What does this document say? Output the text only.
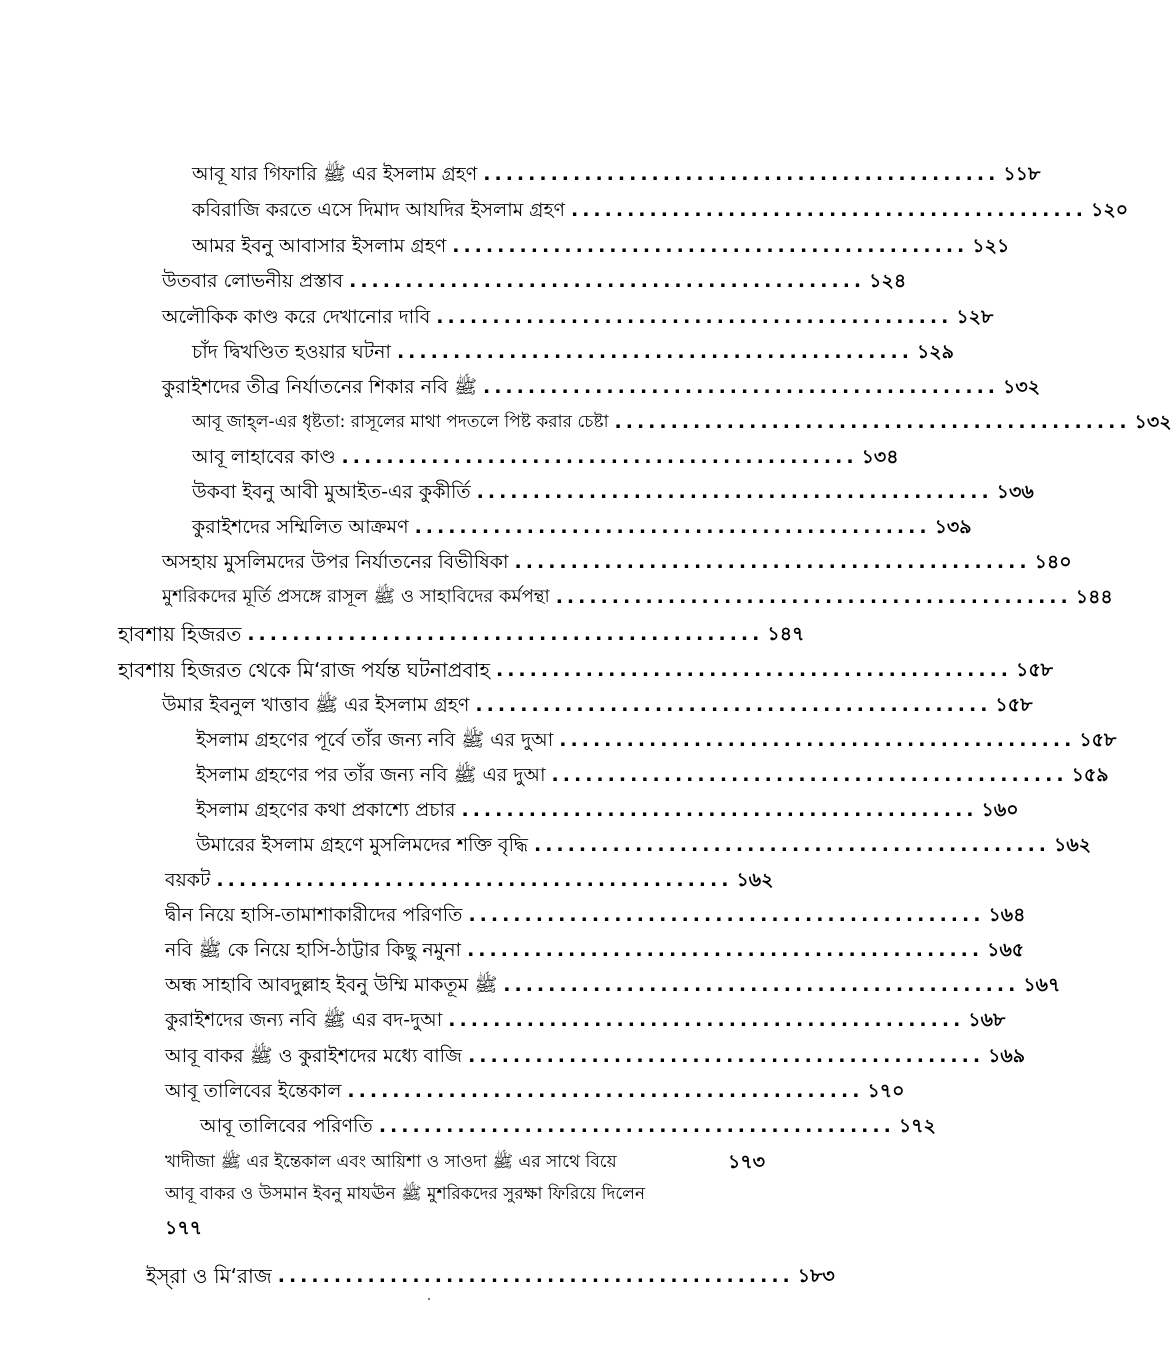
আবূ যার গিফারি ﷺ এর ইসলাম গ্রহণ .............................................. ১১৮
কবিরাজি করতে এসে দিমাদ আযদির ইসলাম গ্রহণ .............................................. ১২০
আমর ইবনু আবাসার ইসলাম গ্রহণ .............................................. ১২১
উতবার লোভনীয় প্রস্তাব .............................................. ১২৪
অলৌকিক কাণ্ড করে দেখানোর দাবি .............................................. ১২৮
চাঁদ দ্বিখণ্ডিত হওয়ার ঘটনা .............................................. ১২৯
কুরাইশদের তীব্র নির্যাতনের শিকার নবি ﷺ .............................................. ১৩২
আবূ জাহ্‌ল-এর ধৃষ্টতা: রাসূলের মাথা পদতলে পিষ্ট করার চেষ্টা .............................................. ১৩২
আবূ লাহাবের কাণ্ড .............................................. ১৩৪
উকবা ইবনু আবী মুআইত-এর কুকীর্তি .............................................. ১৩৬
কুরাইশদের সম্মিলিত আক্রমণ .............................................. ১৩৯
অসহায় মুসলিমদের উপর নির্যাতনের বিভীষিকা .............................................. ১৪০
মুশরিকদের মূর্তি প্রসঙ্গে রাসূল ﷺ ও সাহাবিদের কর্মপন্থা .............................................. ১৪৪
হাবশায় হিজরত .............................................. ১৪৭
হাবশায় হিজরত থেকে মি‘রাজ পর্যন্ত ঘটনাপ্রবাহ .............................................. ১৫৮
উমার ইবনুল খাত্তাব ﷺ এর ইসলাম গ্রহণ .............................................. ১৫৮
ইসলাম গ্রহণের পূর্বে তাঁর জন্য নবি ﷺ এর দুআ .............................................. ১৫৮
ইসলাম গ্রহণের পর তাঁর জন্য নবি ﷺ এর দুআ .............................................. ১৫৯
ইসলাম গ্রহণের কথা প্রকাশ্যে প্রচার .............................................. ১৬০
উমারের ইসলাম গ্রহণে মুসলিমদের শক্তি বৃদ্ধি .............................................. ১৬২
বয়কট .............................................. ১৬২
দ্বীন নিয়ে হাসি-তামাশাকারীদের পরিণতি .............................................. ১৬৪
নবি ﷺ কে নিয়ে হাসি-ঠাট্টার কিছু নমুনা .............................................. ১৬৫
অন্ধ সাহাবি আবদুল্লাহ ইবনু উম্মি মাকতূম ﷺ .............................................. ১৬৭
কুরাইশদের জন্য নবি ﷺ এর বদ-দুআ .............................................. ১৬৮
আবূ বাকর ﷺ ও কুরাইশদের মধ্যে বাজি .............................................. ১৬৯
আবূ তালিবের ইন্তেকাল .............................................. ১৭০
আবূ তালিবের পরিণতি .............................................. ১৭২
খাদীজা ﷺ এর ইন্তেকাল এবং আয়িশা ও সাওদা ﷺ এর সাথে বিয়ে	১৭৩
আবূ বাকর ও উসমান ইবনু মাযঊন ﷺ মুশরিকদের সুরক্ষা ফিরিয়ে দিলেন
১৭৭
ইস্‌রা ও মি‘রাজ .............................................. ১৮৩
